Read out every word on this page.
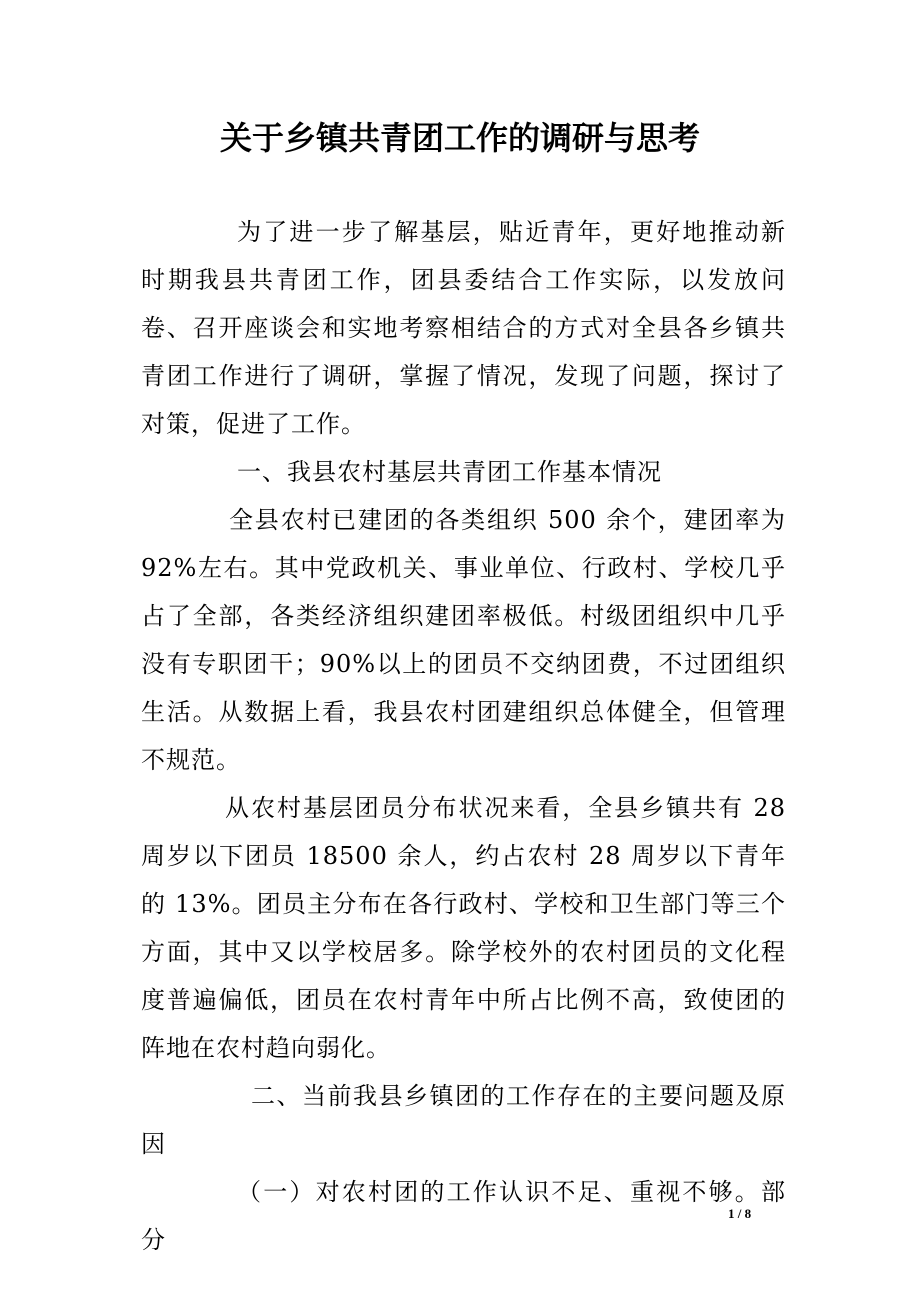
关于乡镇共青团工作的调研与思考

为了进一步了解基层，贴近青年，更好地推动新时期我县共青团工作，团县委结合工作实际，以发放问卷、召开座谈会和实地考察相结合的方式对全县各乡镇共青团工作进行了调研，掌握了情况，发现了问题，探讨了对策，促进了工作。

一、我县农村基层共青团工作基本情况

全县农村已建团的各类组织 500 余个，建团率为 92%左右。其中党政机关、事业单位、行政村、学校几乎占了全部，各类经济组织建团率极低。村级团组织中几乎没有专职团干；90%以上的团员不交纳团费，不过团组织生活。从数据上看，我县农村团建组织总体健全，但管理不规范。

从农村基层团员分布状况来看，全县乡镇共有 28 周岁以下团员 18500 余人，约占农村 28 周岁以下青年的 13%。团员主分布在各行政村、学校和卫生部门等三个方面，其中又以学校居多。除学校外的农村团员的文化程度普遍偏低，团员在农村青年中所占比例不高，致使团的阵地在农村趋向弱化。

二、当前我县乡镇团的工作存在的主要问题及原因

（一）对农村团的工作认识不足、重视不够。部分

1 / 8
